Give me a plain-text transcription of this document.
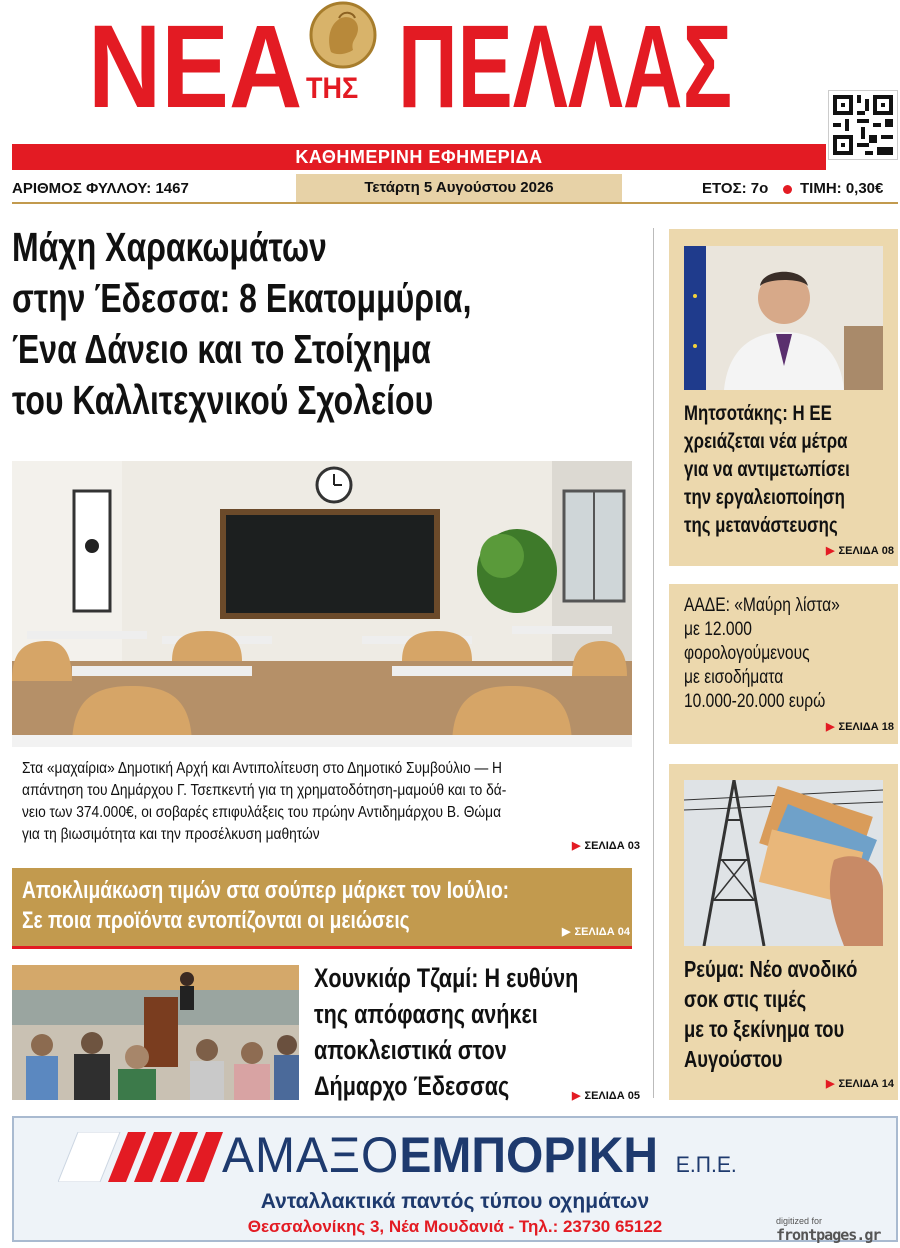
ΝΕΑ ΤΗΣ ΠΕΛΛΑΣ
ΚΑΘΗΜΕΡΙΝΗ ΕΦΗΜΕΡΙΔΑ
ΑΡΙΘΜΟΣ ΦΥΛΛΟΥ: 1467	Τετάρτη 5 Αυγούστου 2026	ΕΤΟΣ: 7ο ΤΙΜΗ: 0,30€
Μάχη Χαρακωμάτων
στην Έδεσσα: 8 Εκατομμύρια,
Ένα Δάνειο και το Στοίχημα
του Καλλιτεχνικού Σχολείου
Στα «μαχαίρια» Δημοτική Αρχή και Αντιπολίτευση στο Δημοτικό Συμβούλιο — Η
απάντηση του Δημάρχου Γ. Τσεπκεντή για τη χρηματοδότηση-μαμούθ και το δά-
νειο των 374.000€, οι σοβαρές επιφυλάξεις του πρώην Αντιδημάρχου Β. Θώμα
για τη βιωσιμότητα και την προσέλκυση μαθητών
▶ ΣΕΛΙΔΑ 03
Αποκλιμάκωση τιμών στα σούπερ μάρκετ τον Ιούλιο:
Σε ποια προϊόντα εντοπίζονται οι μειώσεις	▶ ΣΕΛΙΔΑ 04
Χουνκιάρ Τζαμί: Η ευθύνη
της απόφασης ανήκει
αποκλειστικά στον
Δήμαρχο Έδεσσας	▶ ΣΕΛΙΔΑ 05
Μητσοτάκης: Η ΕΕ
χρειάζεται νέα μέτρα
για να αντιμετωπίσει
την εργαλειοποίηση
της μετανάστευσης
▶ ΣΕΛΙΔΑ 08
ΑΑΔΕ: «Μαύρη λίστα»
με 12.000
φορολογούμενους
με εισοδήματα
10.000-20.000 ευρώ
▶ ΣΕΛΙΔΑ 18
Ρεύμα: Νέο ανοδικό
σοκ στις τιμές
με το ξεκίνημα του
Αυγούστου
▶ ΣΕΛΙΔΑ 14
ΑΜΑΞΟΕΜΠΟΡΙΚΗ Ε.Π.Ε.
Ανταλλακτικά παντός τύπου οχημάτων
Θεσσαλονίκης 3, Νέα Μουδανιά - Τηλ.: 23730 65122	digitized for
frontpages.gr
